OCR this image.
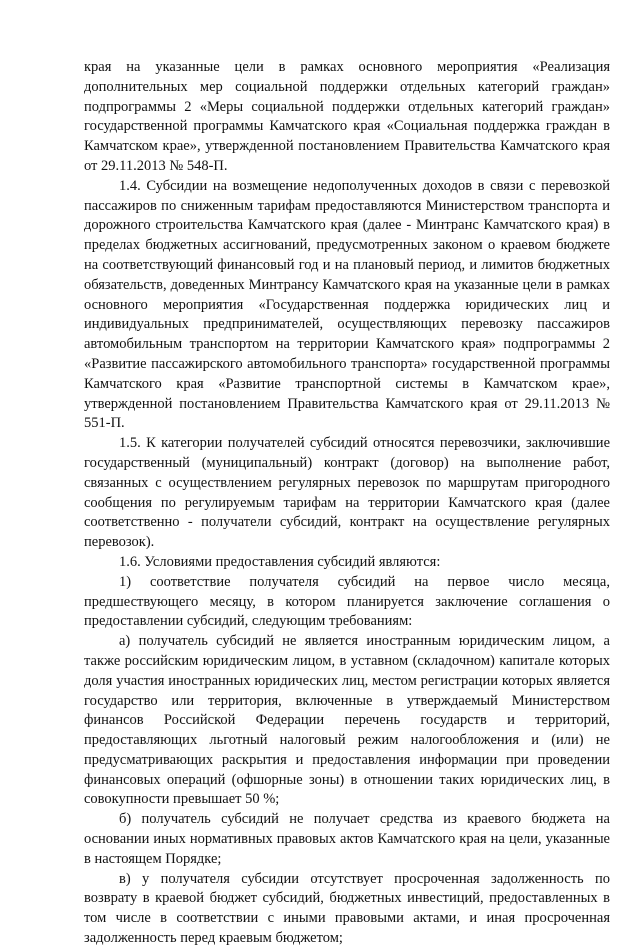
края на указанные цели в рамках основного мероприятия «Реализация дополнительных мер социальной поддержки отдельных категорий граждан» подпрограммы 2 «Меры социальной поддержки отдельных категорий граждан» государственной программы Камчатского края «Социальная поддержка граждан в Камчатском крае», утвержденной постановлением Правительства Камчатского края от 29.11.2013 № 548-П.

1.4. Субсидии на возмещение недополученных доходов в связи с перевозкой пассажиров по сниженным тарифам предоставляются Министерством транспорта и дорожного строительства Камчатского края (далее - Минтранс Камчатского края) в пределах бюджетных ассигнований, предусмотренных законом о краевом бюджете на соответствующий финансовый год и на плановый период, и лимитов бюджетных обязательств, доведенных Минтрансу Камчатского края на указанные цели в рамках основного мероприятия «Государственная поддержка юридических лиц и индивидуальных предпринимателей, осуществляющих перевозку пассажиров автомобильным транспортом на территории Камчатского края» подпрограммы 2 «Развитие пассажирского автомобильного транспорта» государственной программы Камчатского края «Развитие транспортной системы в Камчатском крае», утвержденной постановлением Правительства Камчатского края от 29.11.2013 № 551-П.

1.5. К категории получателей субсидий относятся перевозчики, заключившие государственный (муниципальный) контракт (договор) на выполнение работ, связанных с осуществлением регулярных перевозок по маршрутам пригородного сообщения по регулируемым тарифам на территории Камчатского края (далее соответственно - получатели субсидий, контракт на осуществление регулярных перевозок).

1.6. Условиями предоставления субсидий являются:

1) соответствие получателя субсидий на первое число месяца, предшествующего месяцу, в котором планируется заключение соглашения о предоставлении субсидий, следующим требованиям:

а) получатель субсидий не является иностранным юридическим лицом, а также российским юридическим лицом, в уставном (складочном) капитале которых доля участия иностранных юридических лиц, местом регистрации которых является государство или территория, включенные в утверждаемый Министерством финансов Российской Федерации перечень государств и территорий, предоставляющих льготный налоговый режим налогообложения и (или) не предусматривающих раскрытия и предоставления информации при проведении финансовых операций (офшорные зоны) в отношении таких юридических лиц, в совокупности превышает 50 %;

б) получатель субсидий не получает средства из краевого бюджета на основании иных нормативных правовых актов Камчатского края на цели, указанные в настоящем Порядке;

в) у получателя субсидии отсутствует просроченная задолженность по возврату в краевой бюджет субсидий, бюджетных инвестиций, предоставленных в том числе в соответствии с иными правовыми актами, и иная просроченная задолженность перед краевым бюджетом;
